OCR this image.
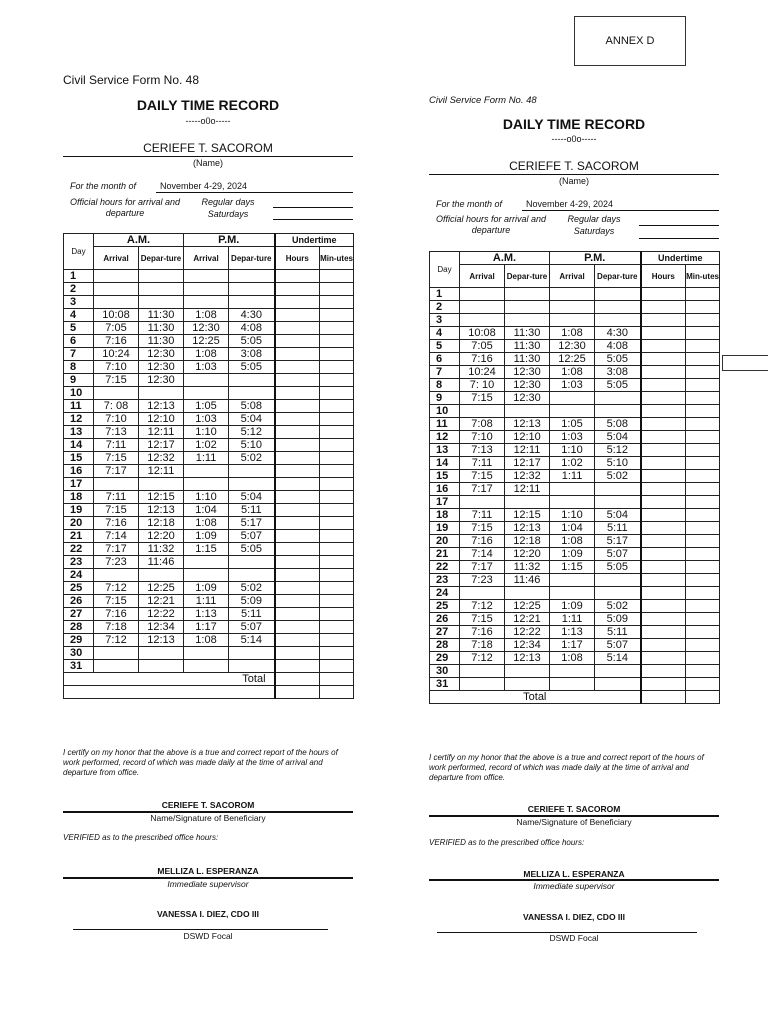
ANNEX D
Civil Service Form No. 48
DAILY TIME RECORD
-----o0o-----
CERIEFE T. SACOROM
(Name)
For the month of	November 4-29, 2024
Official hours for arrival and departure
Regular days
Saturdays
Day	A.M.		P.M.		Undertime	
	Arrival	Depar-ture	Arrival	Depar-ture	Hours	Min-utes
1						
2						
3						
4	10:08	11:30	1:08	4:30		
5	7:05	11:30	12:30	4:08		
6	7:16	11:30	12:25	5:05		
7	10:24	12:30	1:08	3:08		
8	7:10	12:30	1:03	5:05		
9	7:15	12:30				
10						
11	7: 08	12:13	1:05	5:08		
12	7:10	12:10	1:03	5:04		
13	7:13	12:11	1:10	5:12		
14	7:11	12:17	1:02	5:10		
15	7:15	12:32	1:11	5:02		
16	7:17	12:11				
17						
18	7:11	12:15	1:10	5:04		
19	7:15	12:13	1:04	5:11		
20	7:16	12:18	1:08	5:17		
21	7:14	12:20	1:09	5:07		
22	7:17	11:32	1:15	5:05		
23	7:23	11:46				
24						
25	7:12	12:25	1:09	5:02		
26	7:15	12:21	1:11	5:09		
27	7:16	12:22	1:13	5:11		
28	7:18	12:34	1:17	5:07		
29	7:12	12:13	1:08	5:14		
30						
31						
Total						

I certify on my honor that the above is a true and correct report of the hours of work performed, record of which was made daily at the time of arrival and departure from office.
CERIEFE T. SACOROM
Name/Signature of Beneficiary
VERIFIED as to the prescribed office hours:
MELLIZA L. ESPERANZA
Immediate supervisor
VANESSA I. DIEZ, CDO III
DSWD Focal
Civil Service Form No. 48
DAILY TIME RECORD
-----o0o-----
CERIEFE T. SACOROM
(Name)
For the month of	November 4-29, 2024
Official hours for arrival and departure
Regular days
Saturdays
Day	A.M.		P.M.		Undertime	
	Arrival	Depar-ture	Arrival	Depar-ture	Hours	Min-utes
1						
2						
3						
4	10:08	11:30	1:08	4:30		
5	7:05	11:30	12:30	4:08		
6	7:16	11:30	12:25	5:05		
7	10:24	12:30	1:08	3:08		
8	7: 10	12:30	1:03	5:05		
9	7:15	12:30				
10						
11	7:08	12:13	1:05	5:08		
12	7:10	12:10	1:03	5:04		
13	7:13	12:11	1:10	5:12		
14	7:11	12:17	1:02	5:10		
15	7:15	12:32	1:11	5:02		
16	7:17	12:11				
17						
18	7:11	12:15	1:10	5:04		
19	7:15	12:13	1:04	5:11		
20	7:16	12:18	1:08	5:17		
21	7:14	12:20	1:09	5:07		
22	7:17	11:32	1:15	5:05		
23	7:23	11:46				
24						
25	7:12	12:25	1:09	5:02		
26	7:15	12:21	1:11	5:09		
27	7:16	12:22	1:13	5:11		
28	7:18	12:34	1:17	5:07		
29	7:12	12:13	1:08	5:14		
30						
31						
Total						
I certify on my honor that the above is a true and correct report of the hours of work performed, record of which was made daily at the time of arrival and departure from office.
CERIEFE T. SACOROM
Name/Signature of Beneficiary
VERIFIED as to the prescribed office hours:
MELLIZA L. ESPERANZA
Immediate supervisor
VANESSA I. DIEZ, CDO III
DSWD Focal
